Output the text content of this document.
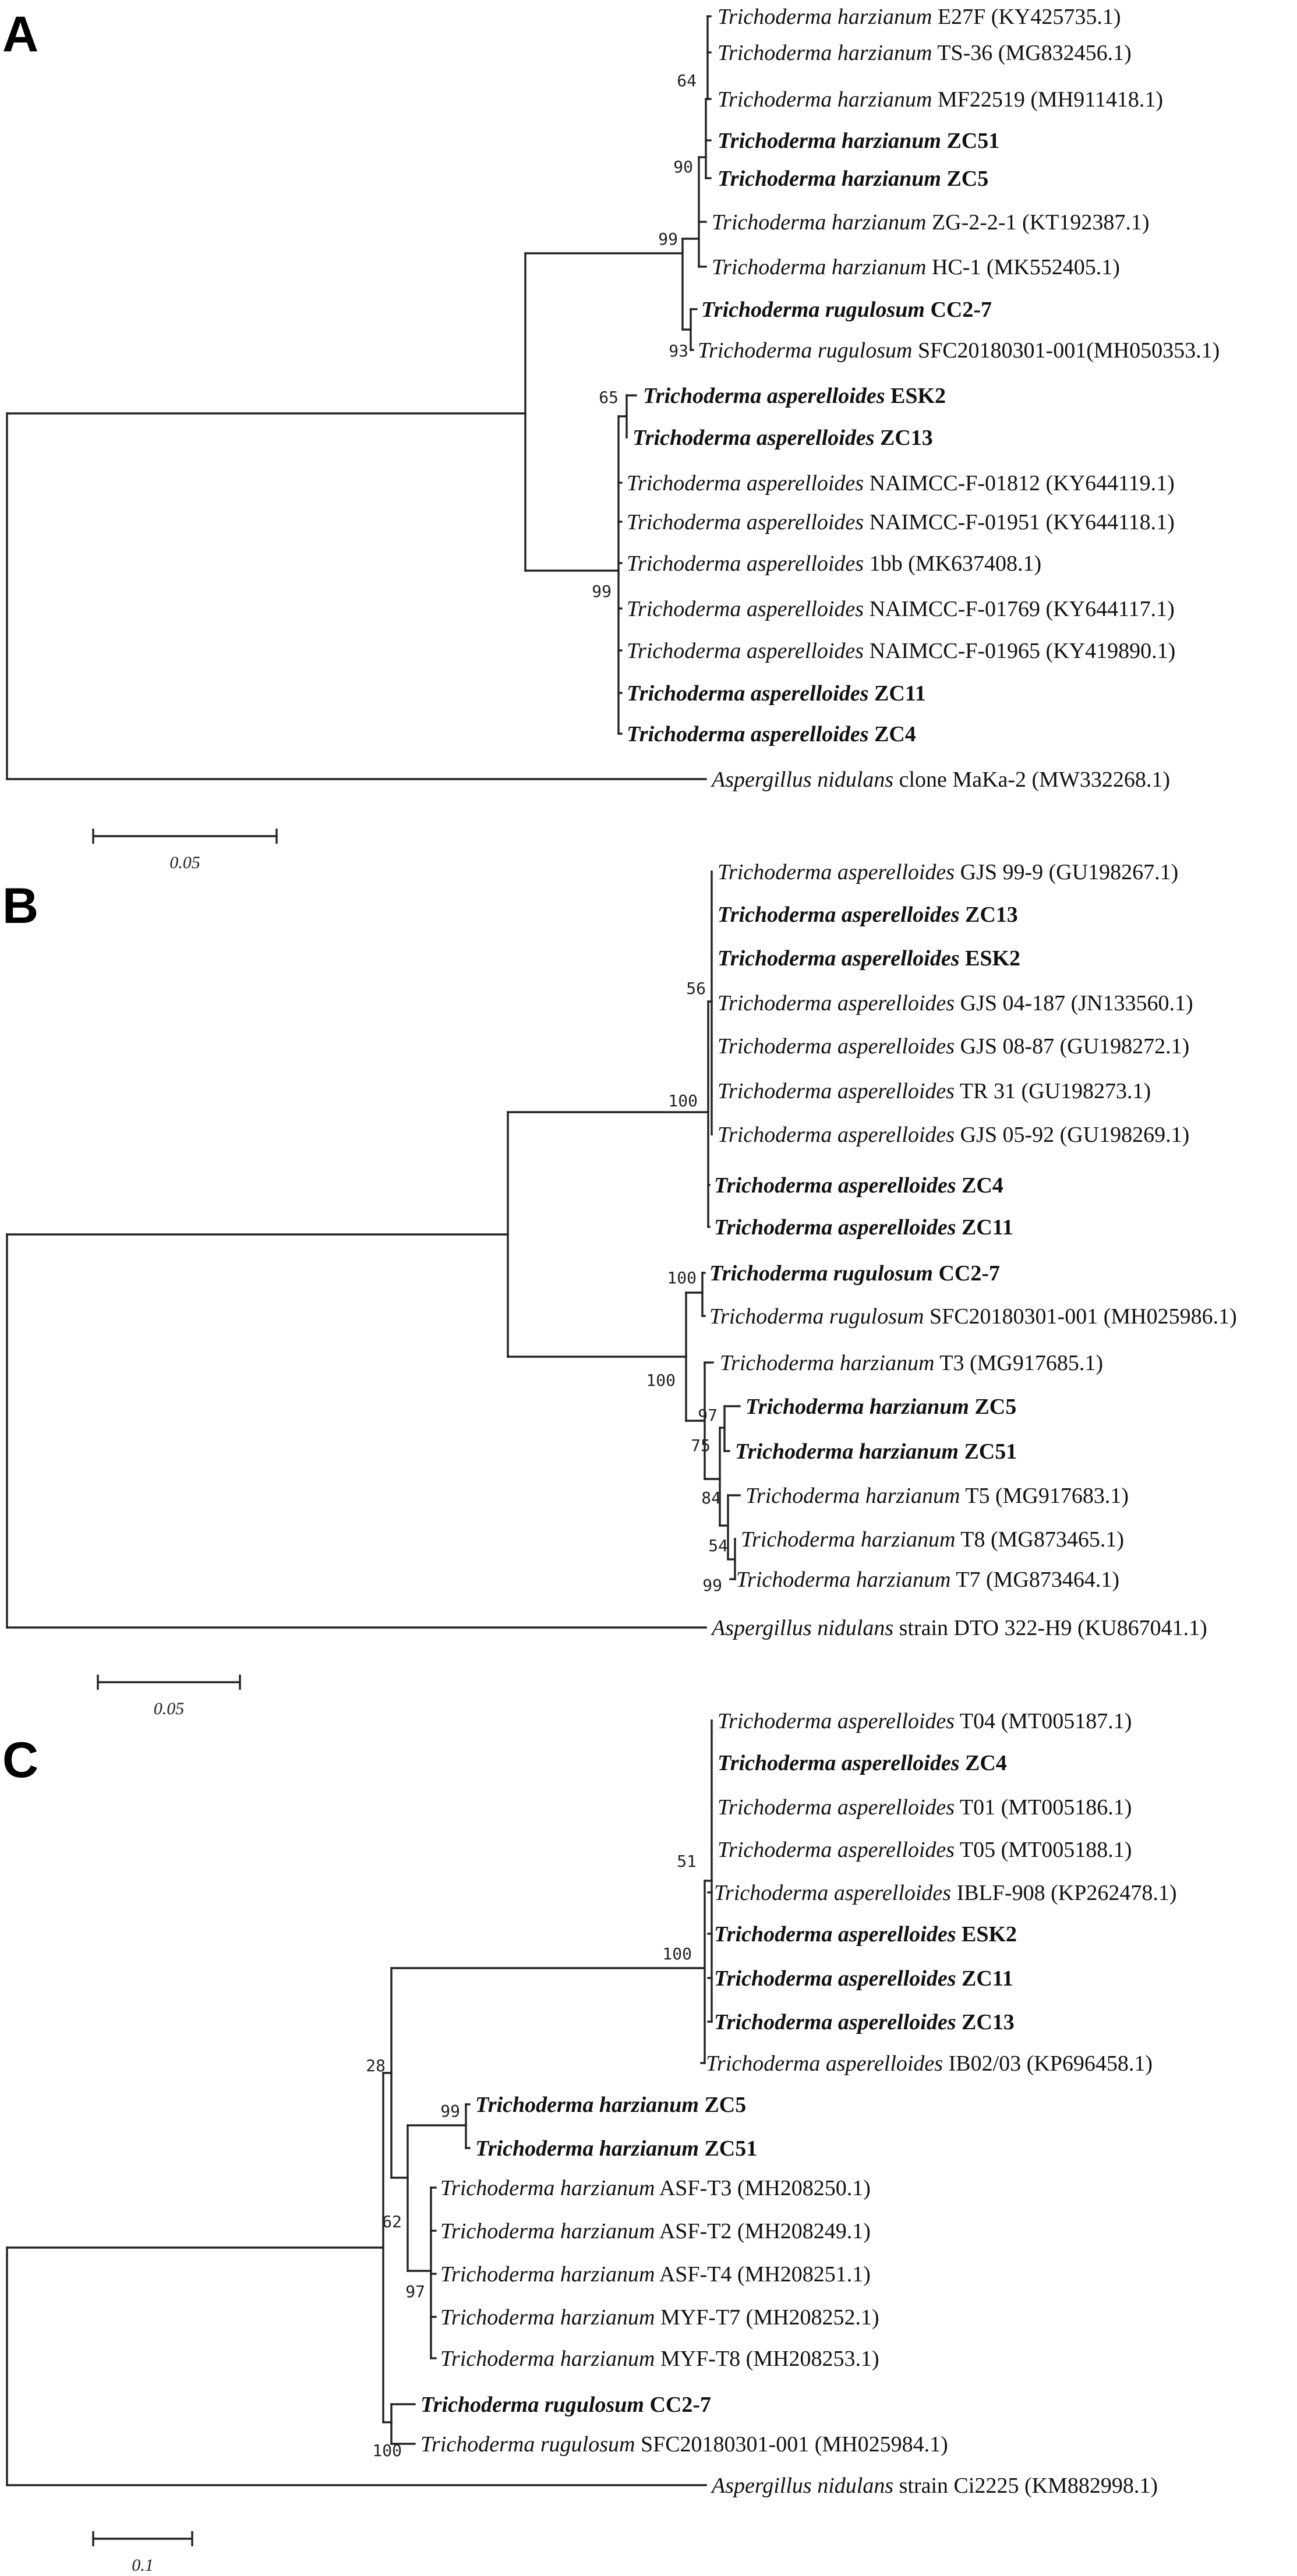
A	Trichoderma harzianum E27F (KY425735.1)
Trichoderma harzianum TS-36 (MG832456.1)
Trichoderma harzianum MF22519 (MH911418.1)
Trichoderma harzianum ZC51
Trichoderma harzianum ZC5
Trichoderma harzianum ZG-2-2-1 (KT192387.1)
Trichoderma harzianum HC-1 (MK552405.1)
Trichoderma rugulosum CC2-7
Trichoderma rugulosum SFC20180301-001(MH050353.1)
Trichoderma asperelloides ESK2
Trichoderma asperelloides ZC13
Trichoderma asperelloides NAIMCC-F-01812 (KY644119.1)
Trichoderma asperelloides NAIMCC-F-01951 (KY644118.1)
Trichoderma asperelloides 1bb (MK637408.1)
Trichoderma asperelloides NAIMCC-F-01769 (KY644117.1)
Trichoderma asperelloides NAIMCC-F-01965 (KY419890.1)
Trichoderma asperelloides ZC11
Trichoderma asperelloides ZC4
Aspergillus nidulans clone MaKa-2 (MW332268.1)
64
90
99
93
65
99
0.05
B
Trichoderma asperelloides GJS 99-9 (GU198267.1)
Trichoderma asperelloides ZC13
Trichoderma asperelloides ESK2
Trichoderma asperelloides GJS 04-187 (JN133560.1)
Trichoderma asperelloides GJS 08-87 (GU198272.1)
Trichoderma asperelloides TR 31 (GU198273.1)
Trichoderma asperelloides GJS 05-92 (GU198269.1)
Trichoderma asperelloides ZC4
Trichoderma asperelloides ZC11
Trichoderma rugulosum CC2-7
Trichoderma rugulosum SFC20180301-001 (MH025986.1)
Trichoderma harzianum T3 (MG917685.1)
Trichoderma harzianum ZC5
Trichoderma harzianum ZC51
Trichoderma harzianum T5 (MG917683.1)
Trichoderma harzianum T8 (MG873465.1)
Trichoderma harzianum T7 (MG873464.1)
Aspergillus nidulans strain DTO 322-H9 (KU867041.1)
56
100
100
100
97
75
84
54
99
0.05
C
Trichoderma asperelloides T04 (MT005187.1)
Trichoderma asperelloides ZC4
Trichoderma asperelloides T01 (MT005186.1)
Trichoderma asperelloides T05 (MT005188.1)
Trichoderma asperelloides IBLF-908 (KP262478.1)
Trichoderma asperelloides ESK2
Trichoderma asperelloides ZC11
Trichoderma asperelloides ZC13
Trichoderma asperelloides IB02/03 (KP696458.1)
Trichoderma harzianum ZC5
Trichoderma harzianum ZC51
Trichoderma harzianum ASF-T3 (MH208250.1)
Trichoderma harzianum ASF-T2 (MH208249.1)
Trichoderma harzianum ASF-T4 (MH208251.1)
Trichoderma harzianum MYF-T7 (MH208252.1)
Trichoderma harzianum MYF-T8 (MH208253.1)
Trichoderma rugulosum CC2-7
Trichoderma rugulosum SFC20180301-001 (MH025984.1)
Aspergillus nidulans strain Ci2225 (KM882998.1)
51
100
28
99
62
97
100
0.1
